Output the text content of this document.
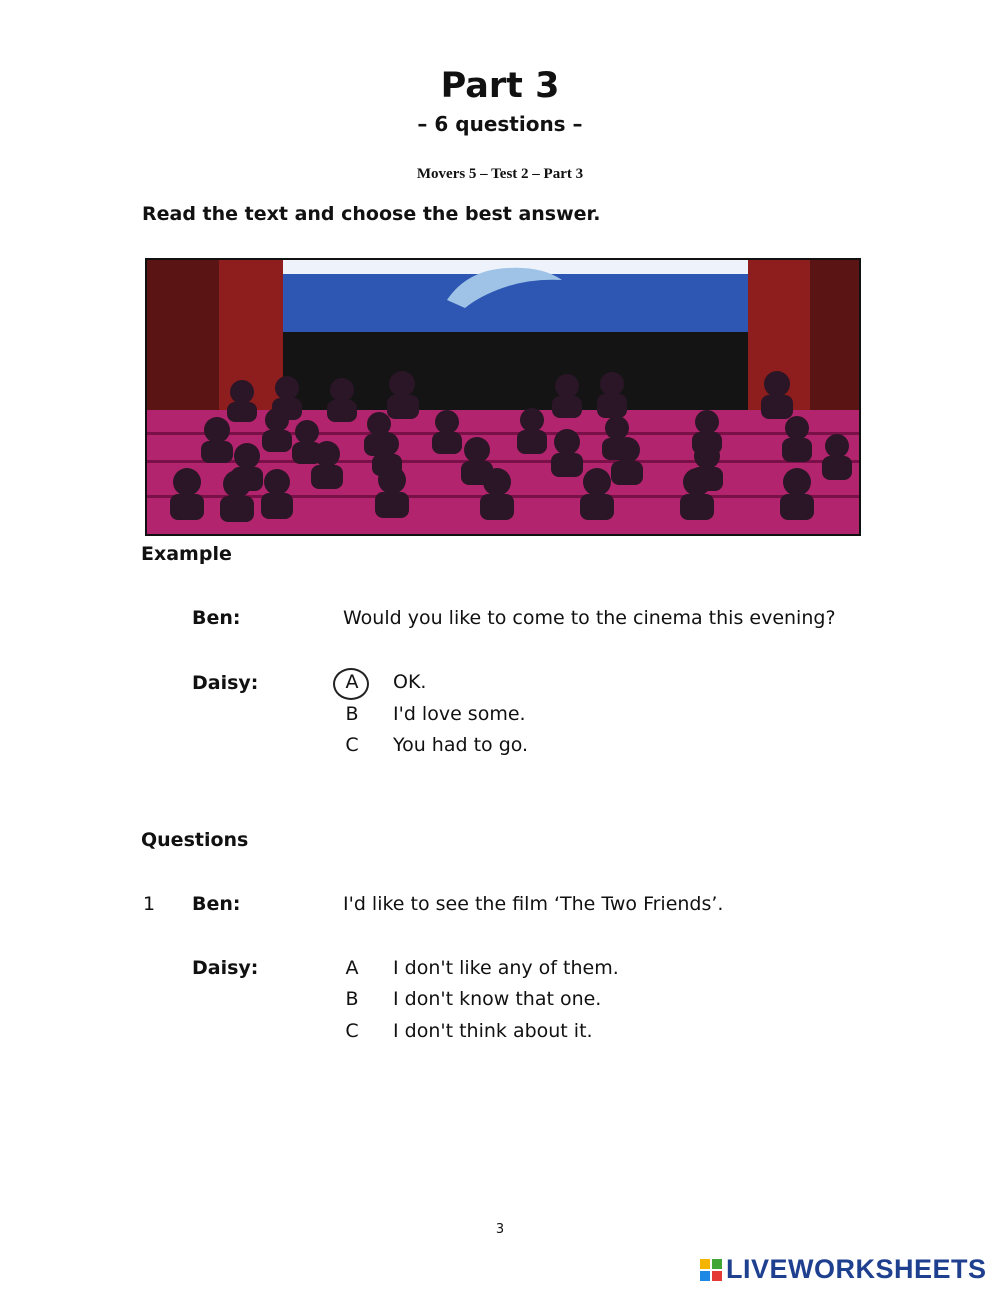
Part 3
– 6 questions –
Movers 5 – Test 2 – Part 3
Read the text and choose the best answer.
Example
Ben:	Would you like to come to the cinema this evening?
Daisy:	A OK.
B I'd love some.
C You had to go.
Questions
1 Ben:	I'd like to see the film ‘The Two Friends’.
Daisy:	A I don't like any of them.
B I don't know that one.
C I don't think about it.
3
LIVEWORKSHEETS
